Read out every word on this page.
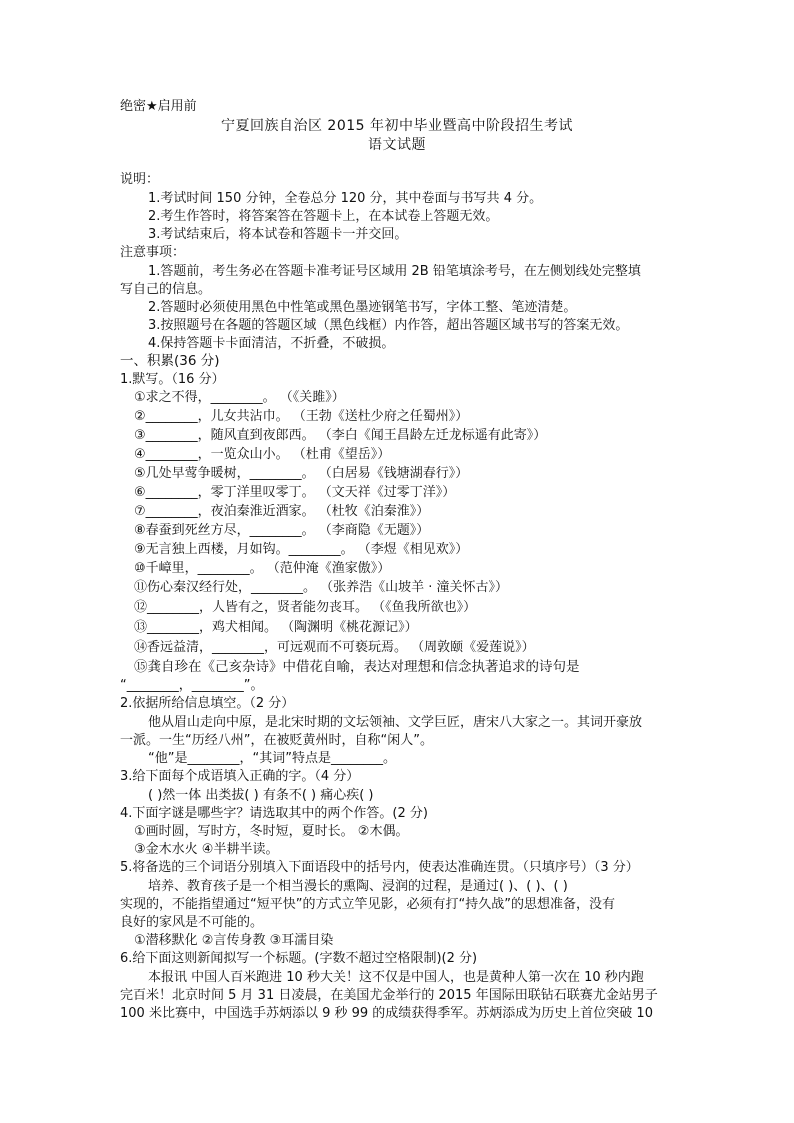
绝密★启用前
宁夏回族自治区 2015 年初中毕业暨高中阶段招生考试
语文试题
说明：
1.考试时间 150 分钟，全卷总分 120 分，其中卷面与书写共 4 分。
2.考生作答时，将答案答在答题卡上，在本试卷上答题无效。
3.考试结束后，将本试卷和答题卡一并交回。
注意事项：
1.答题前，考生务必在答题卡准考证号区域用 2B 铅笔填涂考号，在左侧划线处完整填
写自己的信息。
2.答题时必须使用黑色中性笔或黑色墨迹钢笔书写，字体工整、笔迹清楚。
3.按照题号在各题的答题区域（黑色线框）内作答，超出答题区域书写的答案无效。
4.保持答题卡卡面清洁，不折叠，不破损。
一、积累(36 分)
1.默写。（16 分）
①求之不得，________。 （《关雎》）
②________，儿女共沾巾。 （王勃《送杜少府之任蜀州》）
③________，随风直到夜郎西。 （李白《闻王昌龄左迁龙标遥有此寄》）
④________，一览众山小。 （杜甫《望岳》）
⑤几处早莺争暖树，________。 （白居易《钱塘湖春行》）
⑥________，零丁洋里叹零丁。 （文天祥《过零丁洋》）
⑦________，夜泊秦淮近酒家。 （杜牧《泊秦淮》）
⑧春蚕到死丝方尽，________。 （李商隐《无题》）
⑨无言独上西楼，月如钩。________。 （李煜《相见欢》）
⑩千嶂里，________。 （范仲淹《渔家傲》）
⑪伤心秦汉经行处，________。 （张养浩《山坡羊 · 潼关怀古》）
⑫________，人皆有之，贤者能勿丧耳。 （《鱼我所欲也》）
⑬________，鸡犬相闻。 （陶渊明《桃花源记》）
⑭香远益清，________，可远观而不可亵玩焉。 （周敦颐《爱莲说》）
⑮龚自珍在《己亥杂诗》中借花自喻，表达对理想和信念执著追求的诗句是
“________，________”。
2.依据所给信息填空。（2 分）
他从眉山走向中原，是北宋时期的文坛领袖、文学巨匠，唐宋八大家之一。其词开豪放
一派。一生“历经八州”，在被贬黄州时，自称“闲人”。
“他”是________，“其词”特点是________。
3.给下面每个成语填入正确的字。（4 分）
( )然一体 出类拔( ) 有条不( ) 痛心疾( )
4.下面字谜是哪些字？请选取其中的两个作答。(2 分)
①画时圆，写时方，冬时短，夏时长。 ②木偶。
③金木水火 ④半耕半读。
5.将备选的三个词语分别填入下面语段中的括号内，使表达准确连贯。（只填序号）（3 分）
培养、教育孩子是一个相当漫长的熏陶、浸润的过程，是通过( )、( )、( )
实现的，不能指望通过“短平快”的方式立竿见影，必须有打“持久战”的思想准备，没有
良好的家风是不可能的。
①潜移默化 ②言传身教 ③耳濡目染
6.给下面这则新闻拟写一个标题。(字数不超过空格限制)(2 分)
本报讯 中国人百米跑进 10 秒大关！这不仅是中国人，也是黄种人第一次在 10 秒内跑
完百米！北京时间 5 月 31 日凌晨，在美国尤金举行的 2015 年国际田联钻石联赛尤金站男子
100 米比赛中，中国选手苏炳添以 9 秒 99 的成绩获得季军。苏炳添成为历史上首位突破 10
